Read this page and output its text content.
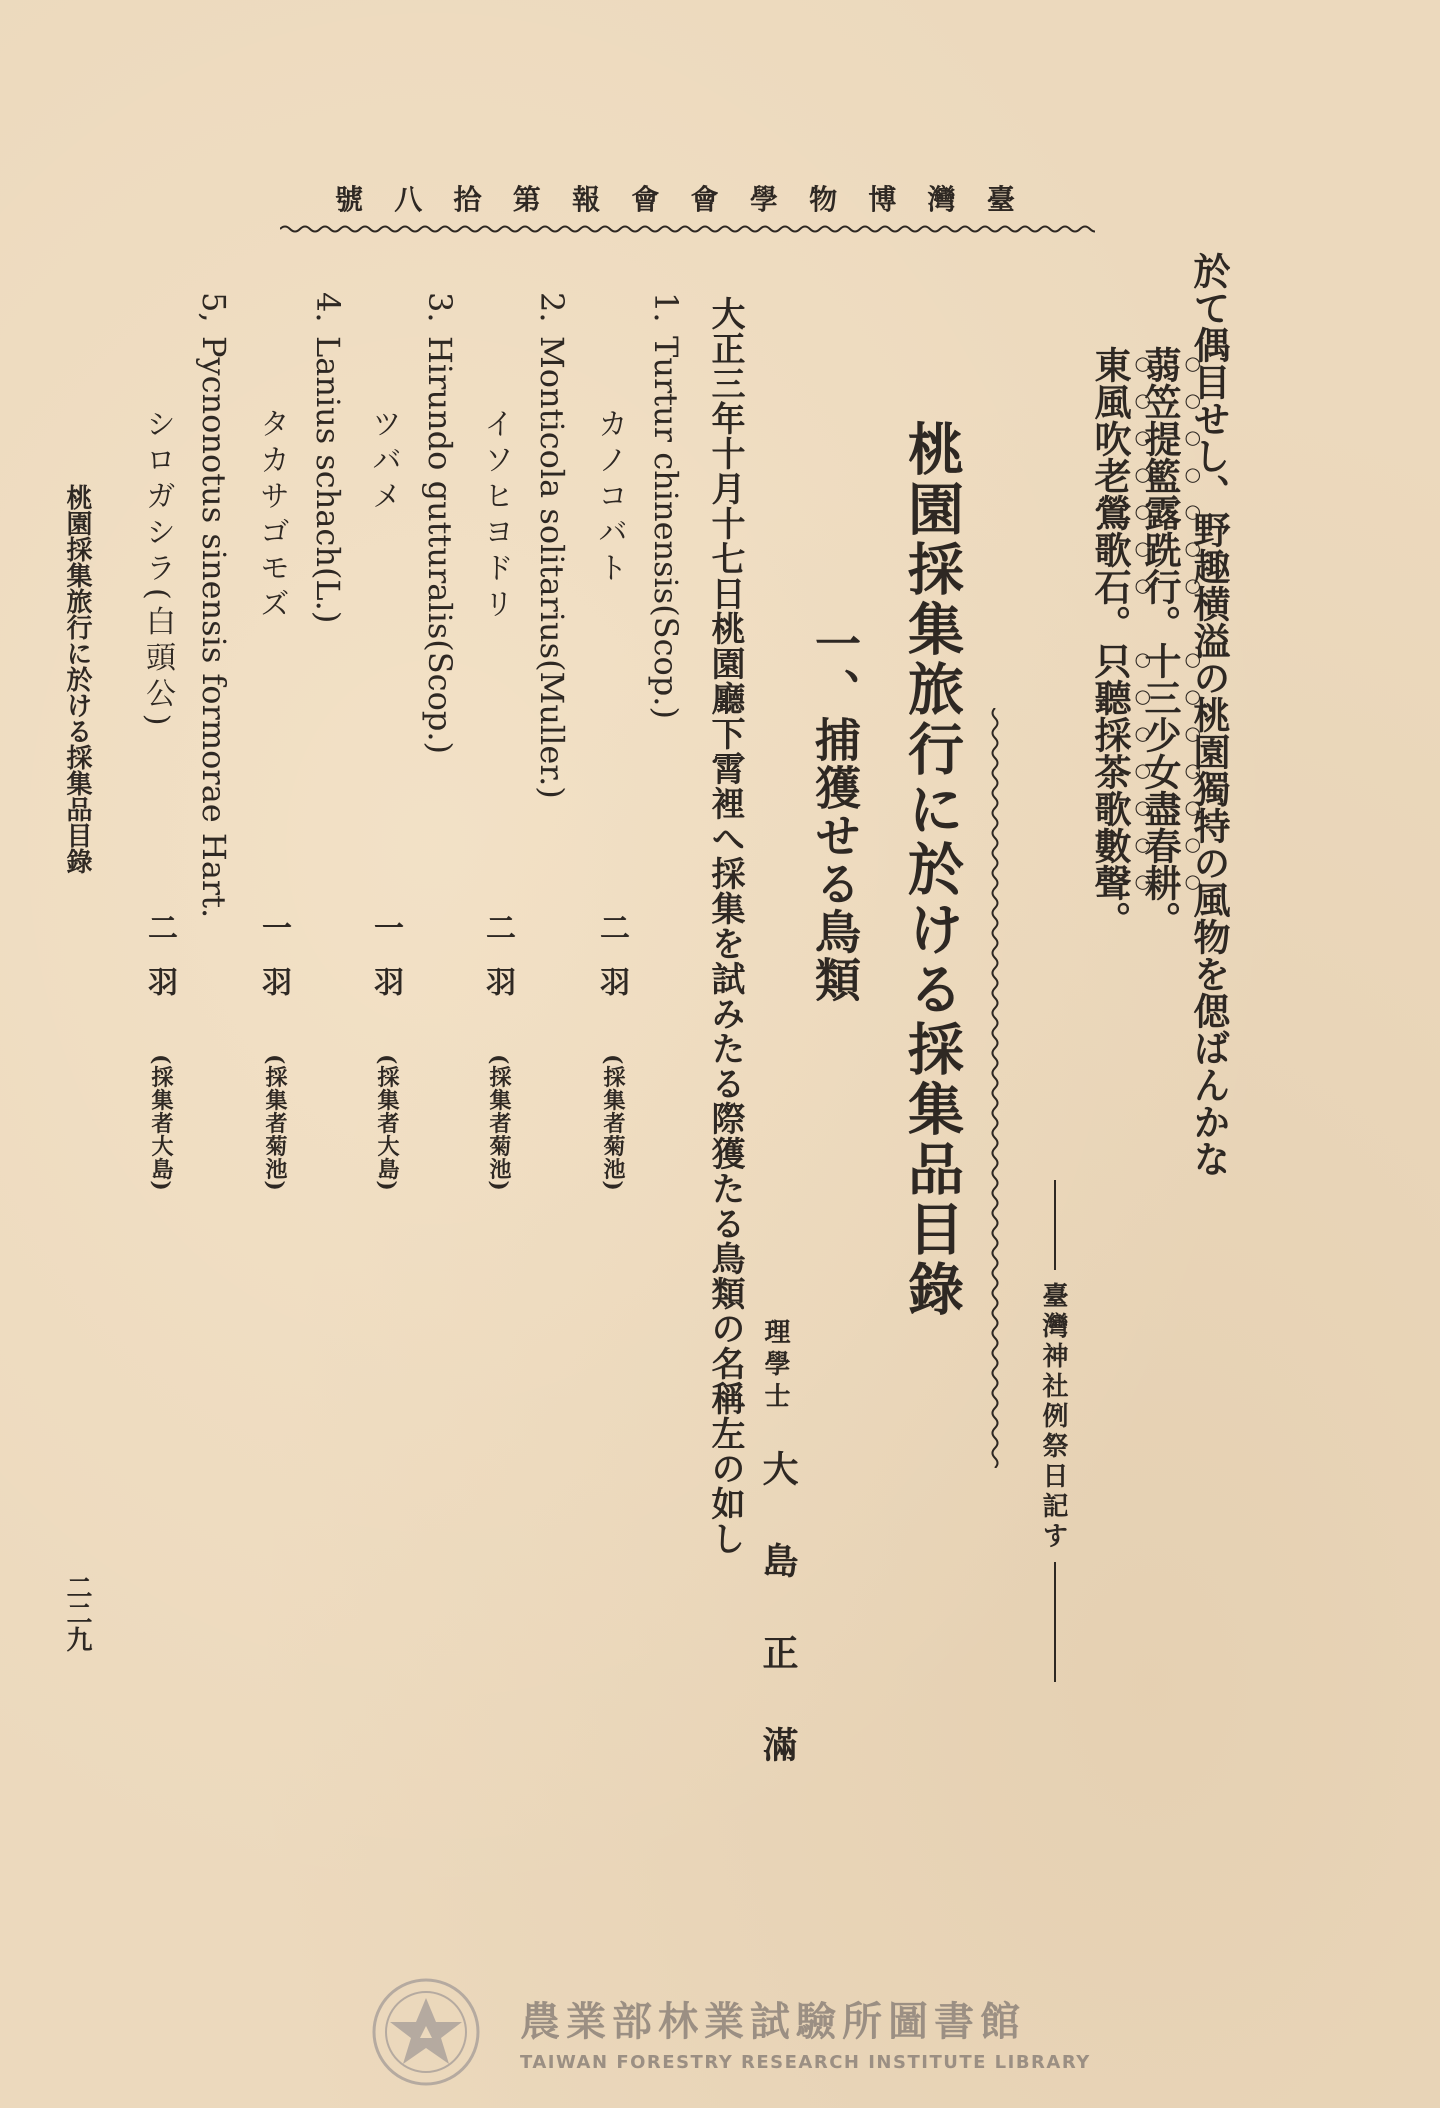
號 八 拾 第 報 會 會 學 物 博 灣 臺
於て偶目せし、野趣横溢の桃園獨特の風物を偲ばんかな
蒻笠提籃露跣行。十三少女盡春耕。
東風吹老鶯歌石。只聽採茶歌數聲。
臺灣神社例祭日記す
桃園採集旅行に於ける採集品目錄
一、捕獲せる鳥類
理學士
大島正滿
大正三年十月十七日桃園廳下霄裡へ採集を試みたる際獲たる鳥類の名稱左の如し
1.
Turtur chinensis(Scop.)
カノコバト
二羽
(採集者菊池)
2.
Monticola solitarius(Muller.)
イソヒヨドリ
二羽
(採集者菊池)
3.
Hirundo gutturalis(Scop.)
ツバメ
一羽
(採集者大島)
4.
Lanius schach(L.)
タカサゴモズ
一羽
(採集者菊池)
5,
Pycnonotus sinensis formorae Hart.
シロガシラ(白頭公)
二羽
(採集者大島)
桃園採集旅行に於ける採集品目錄
二二九
農業部林業試驗所圖書館
TAIWAN FORESTRY RESEARCH INSTITUTE LIBRARY
